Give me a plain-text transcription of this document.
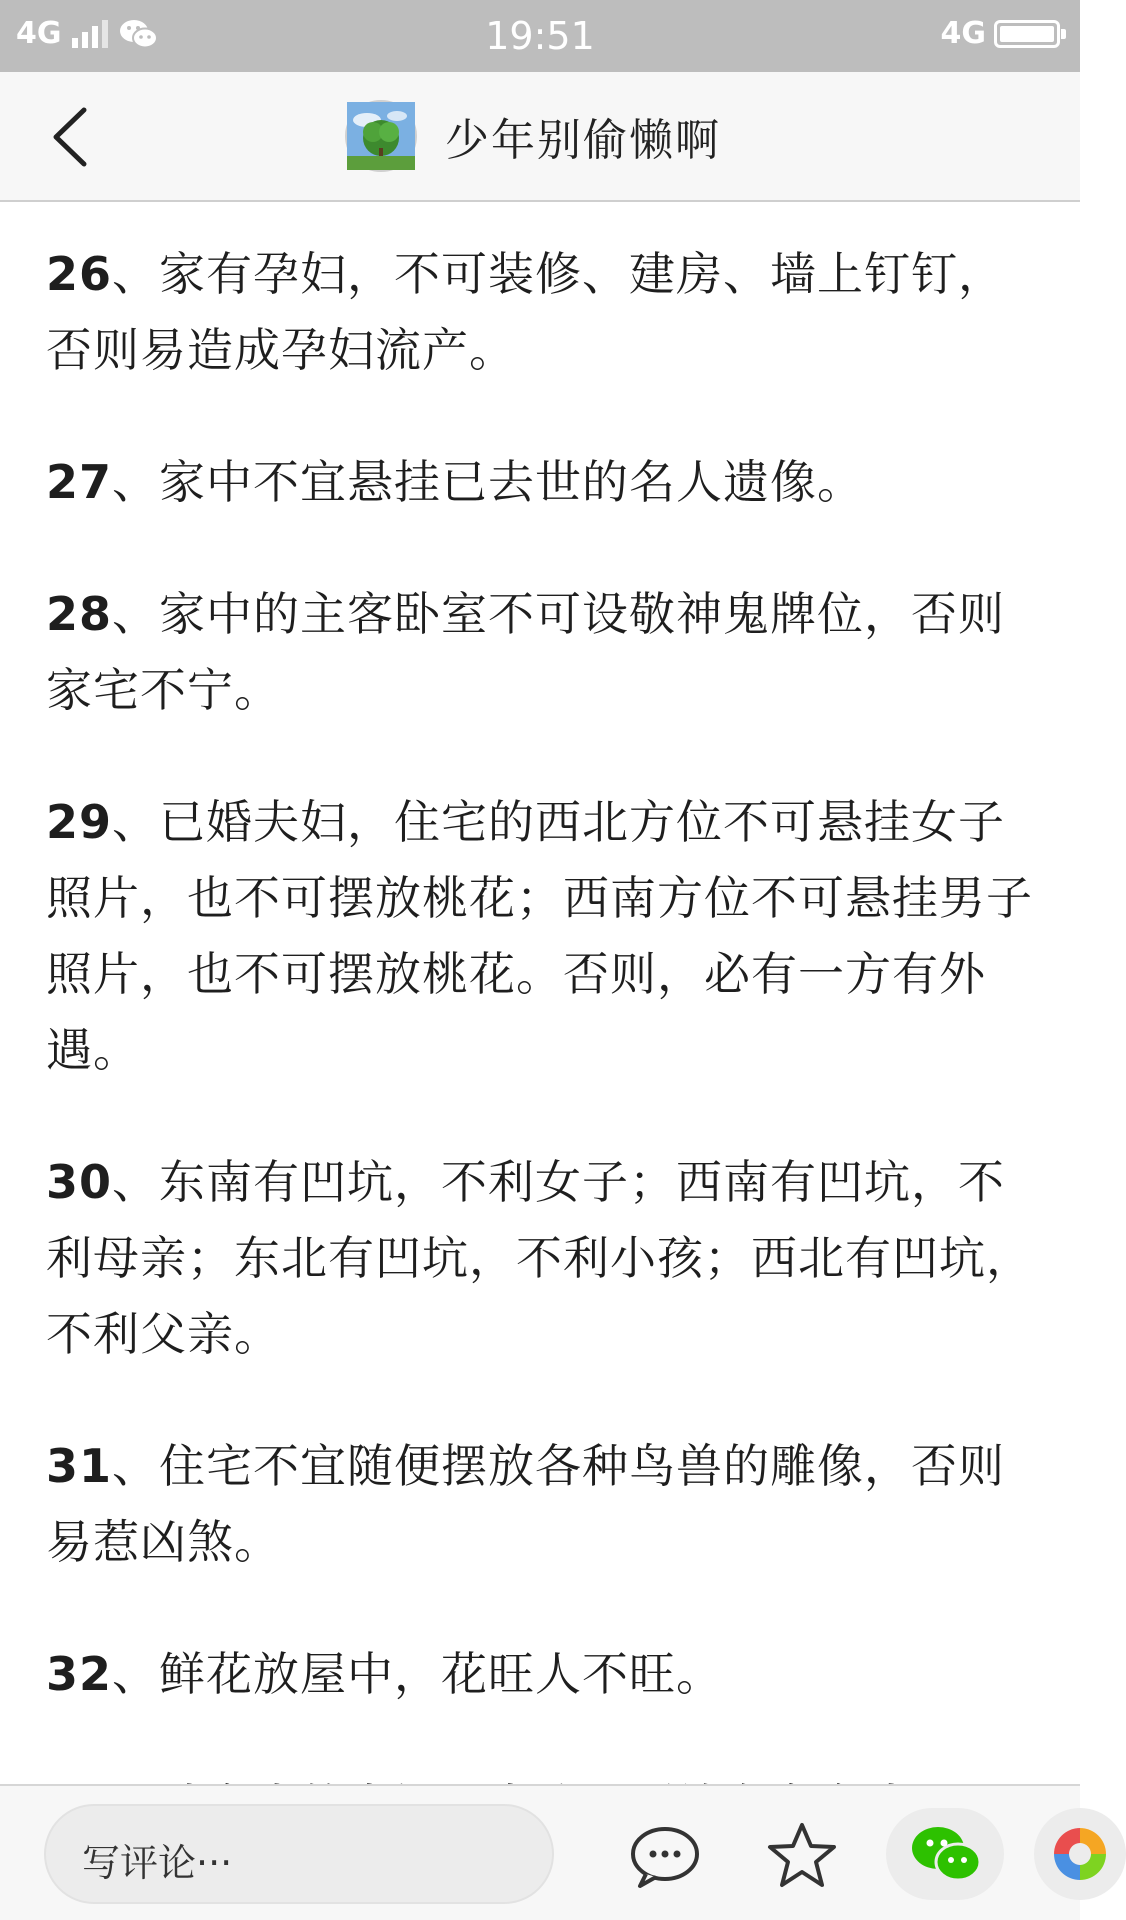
4G	19:51	4G
少年别偷懒啊

26、家有孕妇，不可装修、建房、墙上钉钉，否则易造成孕妇流产。

27、家中不宜悬挂已去世的名人遗像。

28、家中的主客卧室不可设敬神鬼牌位，否则家宅不宁。

29、已婚夫妇，住宅的西北方位不可悬挂女子照片，也不可摆放桃花；西南方位不可悬挂男子照片，也不可摆放桃花。否则，必有一方有外遇。

30、东南有凹坑，不利女子；西南有凹坑，不利母亲；东北有凹坑，不利小孩；西北有凹坑，不利父亲。

31、住宅不宜随便摆放各种鸟兽的雕像，否则易惹凶煞。

32、鲜花放屋中，花旺人不旺。

写评论···
